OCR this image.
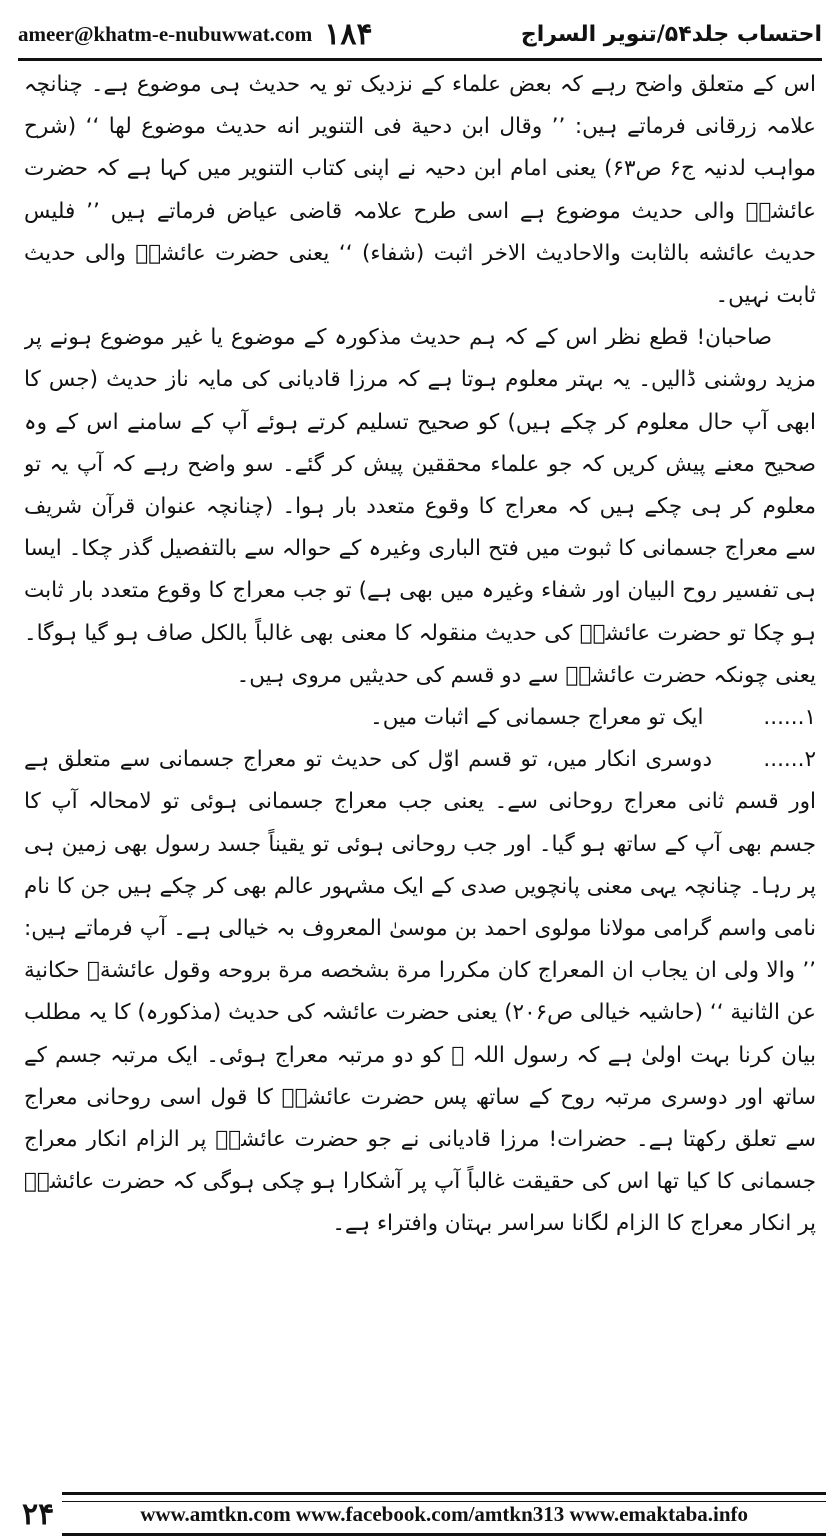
ameer@khatm-e-nubuwwat.com ۱۸۴	احتساب جلد۵۴/تنویر السراج

اس کے متعلق واضح رہے کہ بعض علماء کے نزدیک تو یہ حدیث ہی موضوع ہے۔ چنانچہ علامہ زرقانی فرماتے ہیں: ’’ وقال ابن دحیة فی التنویر انه حدیث موضوع لها ‘‘ (شرح مواہب لدنیہ ج۶ ص۶۳) یعنی امام ابن دحیہ نے اپنی کتاب التنویر میں کہا ہے کہ حضرت عائشہؓ والی حدیث موضوع ہے اسی طرح علامہ قاضی عیاض فرماتے ہیں ’’ فلیس حدیث عائشه بالثابت والاحادیث الاخر اثبت (شفاء) ‘‘ یعنی حضرت عائشہؓ والی حدیث ثابت نہیں۔

صاحبان! قطع نظر اس کے کہ ہم حدیث مذکورہ کے موضوع یا غیر موضوع ہونے پر مزید روشنی ڈالیں۔ یہ بہتر معلوم ہوتا ہے کہ مرزا قادیانی کی مایہ ناز حدیث (جس کا ابھی آپ حال معلوم کر چکے ہیں) کو صحیح تسلیم کرتے ہوئے آپ کے سامنے اس کے وہ صحیح معنے پیش کریں کہ جو علماء محققین پیش کر گئے۔ سو واضح رہے کہ آپ یہ تو معلوم کر ہی چکے ہیں کہ معراج کا وقوع متعدد بار ہوا۔ (چنانچہ عنوان قرآن شریف سے معراج جسمانی کا ثبوت میں فتح الباری وغیرہ کے حوالہ سے بالتفصیل گذر چکا۔ ایسا ہی تفسیر روح البیان اور شفاء وغیرہ میں بھی ہے) تو جب معراج کا وقوع متعدد بار ثابت ہو چکا تو حضرت عائشہؓ کی حدیث منقولہ کا معنی بھی غالباً بالکل صاف ہو گیا ہوگا۔ یعنی چونکہ حضرت عائشہؓ سے دو قسم کی حدیثیں مروی ہیں۔

۱......
ایک تو معراج جسمانی کے اثبات میں۔

۲......      دوسری انکار میں، تو قسم اوّل کی حدیث تو معراج جسمانی سے متعلق ہے اور قسم ثانی معراج روحانی سے۔ یعنی جب معراج جسمانی ہوئی تو لامحالہ آپ کا جسم بھی آپ کے ساتھ ہو گیا۔ اور جب روحانی ہوئی تو یقیناً جسد رسول بھی زمین ہی پر رہا۔ چنانچہ یہی معنی پانچویں صدی کے ایک مشہور عالم بھی کر چکے ہیں جن کا نام نامی واسم گرامی مولانا مولوی احمد بن موسیٰ المعروف بہ خیالی ہے۔ آپ فرماتے ہیں: ’’ والا ولی ان یجاب ان المعراج کان مکررا مرة بشخصه مرة بروحه وقول عائشةؓ حکانیة عن الثانیة ‘‘ (حاشیہ خیالی ص۲۰۶) یعنی حضرت عائشہ کی حدیث (مذکورہ) کا یہ مطلب بیان کرنا بہت اولیٰ ہے کہ رسول اللہ ﷺ کو دو مرتبہ معراج ہوئی۔ ایک مرتبہ جسم کے ساتھ اور دوسری مرتبہ روح کے ساتھ پس حضرت عائشہؓ کا قول اسی روحانی معراج سے تعلق رکھتا ہے۔ حضرات! مرزا قادیانی نے جو حضرت عائشہؓ پر الزام انکار معراج جسمانی کا کیا تھا اس کی حقیقت غالباً آپ پر آشکارا ہو چکی ہوگی کہ حضرت عائشہؓ پر انکار معراج کا الزام لگانا سراسر بہتان وافتراء ہے۔

۲۴	www.amtkn.com www.facebook.com/amtkn313 www.emaktaba.info
